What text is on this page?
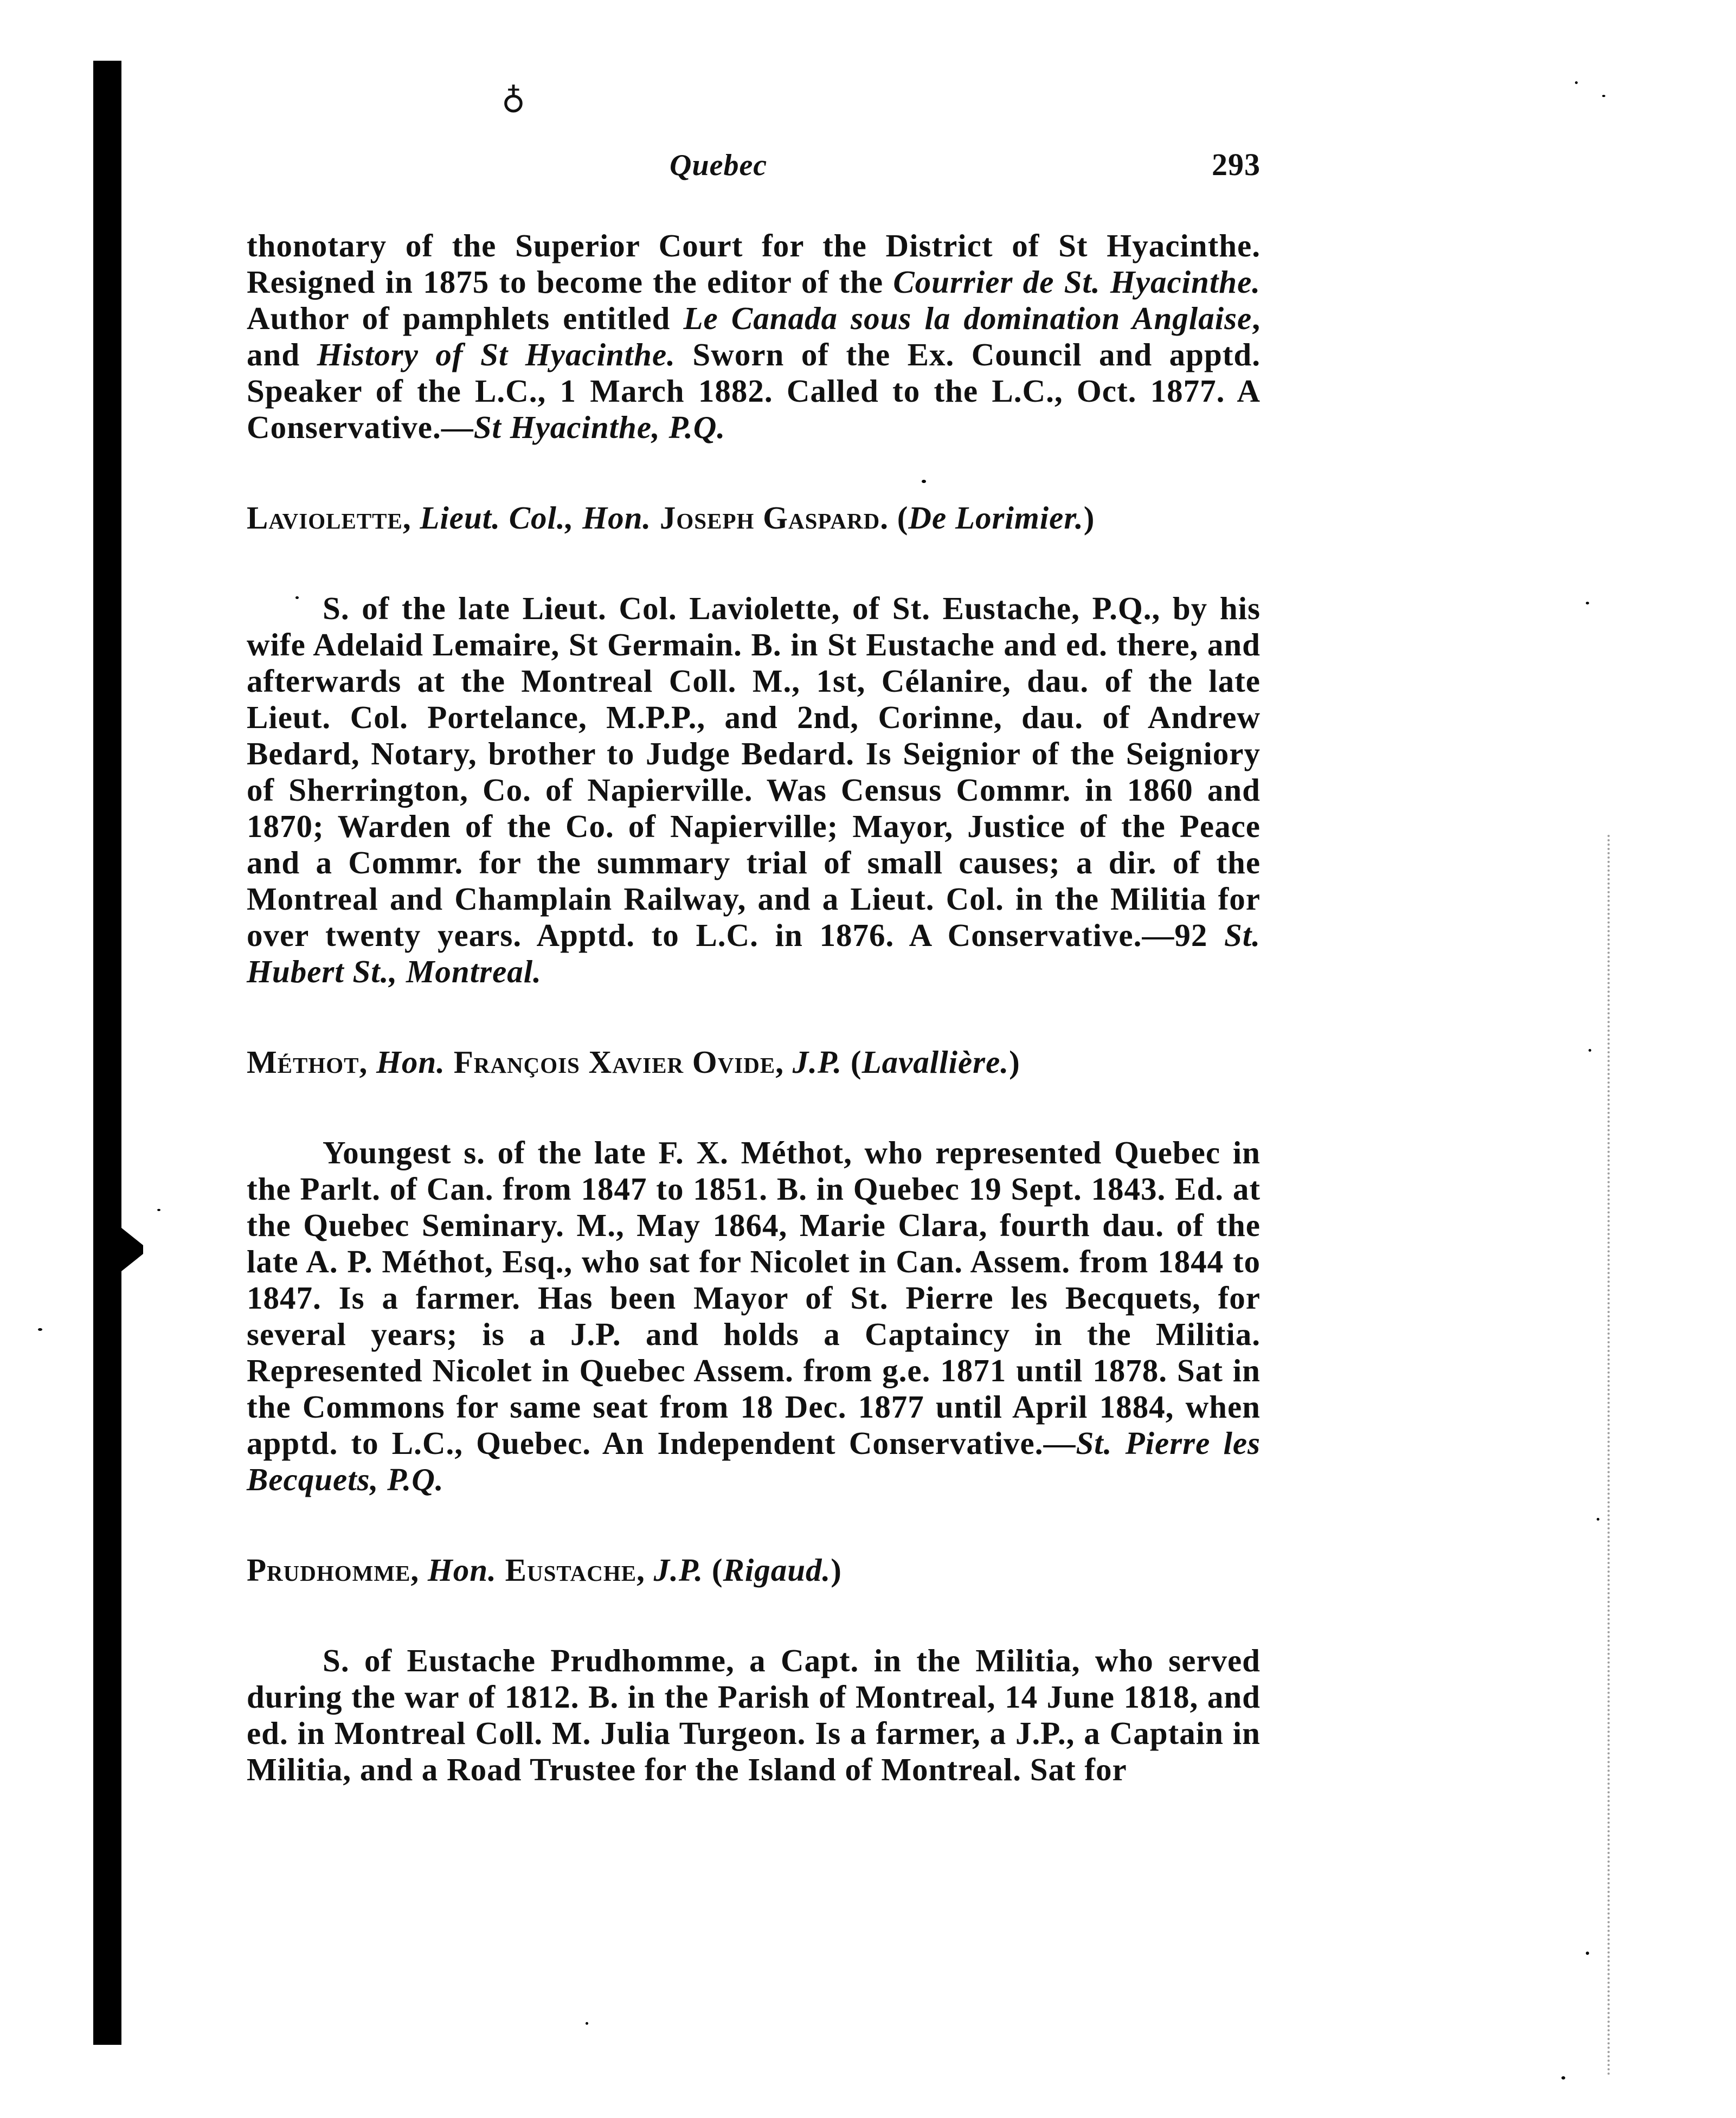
♁
Quebec	293

thonotary of the Superior Court for the District of St Hyacinthe. Resigned in 1875 to become the editor of the Courrier de St. Hyacinthe. Author of pamphlets entitled Le Canada sous la domination Anglaise, and History of St Hyacinthe. Sworn of the Ex. Council and apptd. Speaker of the L.C., 1 March 1882. Called to the L.C., Oct. 1877. A Conservative.—St Hyacinthe, P.Q.

Laviolette, Lieut. Col., Hon. Joseph Gaspard. (De Lorimier.)

S. of the late Lieut. Col. Laviolette, of St. Eustache, P.Q., by his wife Adelaid Lemaire, St Germain. B. in St Eustache and ed. there, and afterwards at the Montreal Coll. M., 1st, Célanire, dau. of the late Lieut. Col. Portelance, M.P.P., and 2nd, Corinne, dau. of Andrew Bedard, Notary, brother to Judge Bedard. Is Seignior of the Seigniory of Sherrington, Co. of Napierville. Was Census Commr. in 1860 and 1870; Warden of the Co. of Napierville; Mayor, Justice of the Peace and a Commr. for the summary trial of small causes; a dir. of the Montreal and Champlain Railway, and a Lieut. Col. in the Militia for over twenty years. Apptd. to L.C. in 1876. A Conservative.—92 St. Hubert St., Montreal.

Méthot, Hon. François Xavier Ovide, J.P. (Lavallière.)

Youngest s. of the late F. X. Méthot, who represented Quebec in the Parlt. of Can. from 1847 to 1851. B. in Quebec 19 Sept. 1843. Ed. at the Quebec Seminary. M., May 1864, Marie Clara, fourth dau. of the late A. P. Méthot, Esq., who sat for Nicolet in Can. Assem. from 1844 to 1847. Is a farmer. Has been Mayor of St. Pierre les Becquets, for several years; is a J.P. and holds a Captaincy in the Militia. Represented Nicolet in Quebec Assem. from g.e. 1871 until 1878. Sat in the Commons for same seat from 18 Dec. 1877 until April 1884, when apptd. to L.C., Quebec. An Independent Conservative.—St. Pierre les Becquets, P.Q.

Prudhomme, Hon. Eustache, J.P. (Rigaud.)

S. of Eustache Prudhomme, a Capt. in the Militia, who served during the war of 1812. B. in the Parish of Montreal, 14 June 1818, and ed. in Montreal Coll. M. Julia Turgeon. Is a farmer, a J.P., a Captain in Militia, and a Road Trustee for the Island of Montreal. Sat for
